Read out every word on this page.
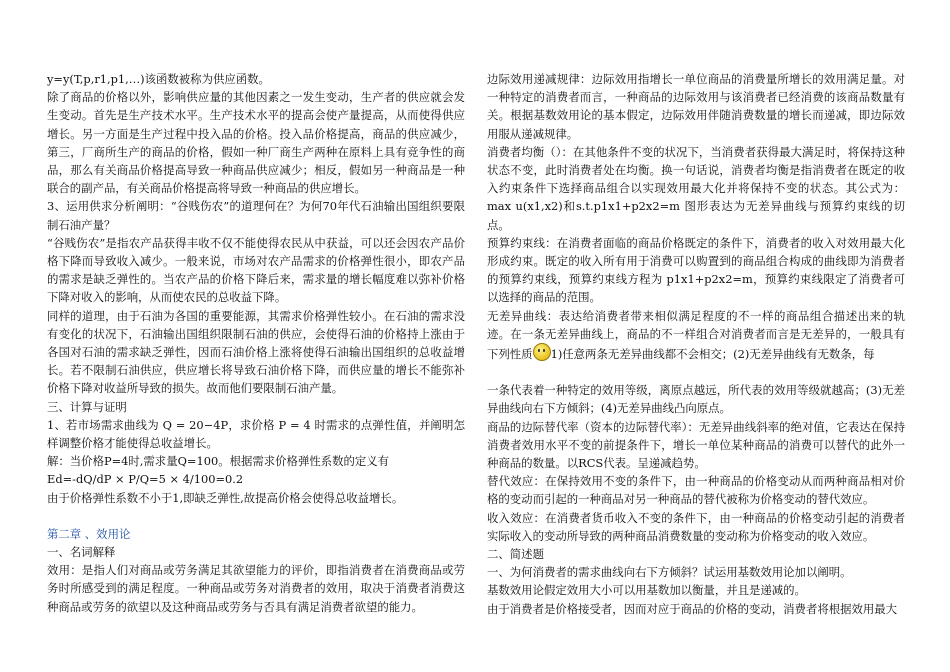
y=y(T,p,r1,p1,…)该函数被称为供应函数。

除了商品的价格以外，影响供应量的其他因素之一发生变动，生产者的供应就会发生变动。首先是生产技术水平。生产技术水平的提高会使产量提高，从而使得供应增长。另一方面是生产过程中投入品的价格。投入品价格提高，商品的供应减少，第三，厂商所生产的商品的价格，假如一种厂商生产两种在原料上具有竞争性的商品，那么有关商品价格提高导致一种商品供应减少；相反，假如另一种商品是一种联合的副产品，有关商品价格提高将导致一种商品的供应增长。

3、运用供求分析阐明：“谷贱伤农”的道理何在？为何70年代石油输出国组织要限制石油产量？

“谷贱伤农”是指农产品获得丰收不仅不能使得农民从中获益，可以还会因农产品价格下降而导致收入减少。一般来说，市场对农产品需求的价格弹性很小，即农产品的需求是缺乏弹性的。当农产品的价格下降后来，需求量的增长幅度难以弥补价格下降对收入的影响，从而使农民的总收益下降。

同样的道理，由于石油为各国的重要能源，其需求价格弹性较小。在石油的需求没有变化的状况下，石油输出国组织限制石油的供应，会使得石油的价格持上涨由于各国对石油的需求缺乏弹性，因而石油价格上涨将使得石油输出国组织的总收益增长。若不限制石油供应，供应增长将导致石油价格下降，而供应量的增长不能弥补价格下降对收益所导致的损失。故而他们要限制石油产量。

三、计算与证明

1、若市场需求曲线为 Q = 20−4P，求价格 P = 4 时需求的点弹性值，并阐明怎样调整价格才能使得总收益增长。

解：当价格P=4时,需求量Q=100。根据需求价格弹性系数的定义有

Ed=-dQ/dP × P/Q=5 × 4/100=0.2

由于价格弹性系数不小于1,即缺乏弹性,故提高价格会使得总收益增长。

第二章 、效用论

一、名词解释

效用：是指人们对商品或劳务满足其欲望能力的评价，即指消费者在消费商品或劳务时所感受到的满足程度。一种商品或劳务对消费者的效用，取决于消费者消费这种商品或劳务的欲望以及这种商品或劳务与否具有满足消费者欲望的能力。

边际效用递减规律：边际效用指增长一单位商品的消费量所增长的效用满足量。对一种特定的消费者而言，一种商品的边际效用与该消费者已经消费的该商品数量有关。根据基数效用论的基本假定，边际效用伴随消费数量的增长而递减，即边际效用服从递减规律。

消费者均衡（）：在其他条件不变的状况下，当消费者获得最大满足时，将保持这种状态不变，此时消费者处在均衡。换一句话说，消费者均衡是指消费者在既定的收入约束条件下选择商品组合以实现效用最大化并将保持不变的状态。其公式为： max u(x1,x2)和s.t.p1x1+p2x2=m 图形表达为无差异曲线与预算约束线的切点。

预算约束线：在消费者面临的商品价格既定的条件下，消费者的收入对效用最大化形成约束。既定的收入所有用于消费可以购置到的商品组合构成的曲线即为消费者的预算约束线，预算约束线方程为 p1x1+p2x2=m，预算约束线限定了消费者可以选择的商品的范围。

无差异曲线：表达给消费者带来相似满足程度的不一样的商品组合描述出来的轨迹。在一条无差异曲线上，商品的不一样组合对消费者而言是无差异的，一般具有下列性质 1)任意两条无差异曲线都不会相交；(2)无差异曲线有无数条，每

一条代表着一种特定的效用等级，离原点越远，所代表的效用等级就越高；(3)无差异曲线向右下方倾斜；(4)无差异曲线凸向原点。

商品的边际替代率（资本的边际替代率）：无差异曲线斜率的绝对值，它表达在保持消费者效用水平不变的前提条件下，增长一单位某种商品的消费可以替代的此外一种商品的数量。以RCS代表。呈递减趋势。

替代效应：在保持效用不变的条件下，由一种商品的价格变动从而两种商品相对价格的变动而引起的一种商品对另一种商品的替代被称为价格变动的替代效应。

收入效应：在消费者货币收入不变的条件下，由一种商品的价格变动引起的消费者实际收入的变动所导致的两种商品消费数量的变动称为价格变动的收入效应。

二、简述题

一、为何消费者的需求曲线向右下方倾斜？试运用基数效用论加以阐明。

基数效用论假定效用大小可以用基数加以衡量，并且是递减的。

由于消费者是价格接受者，因而对应于商品的价格的变动，消费者将根据效用最大
